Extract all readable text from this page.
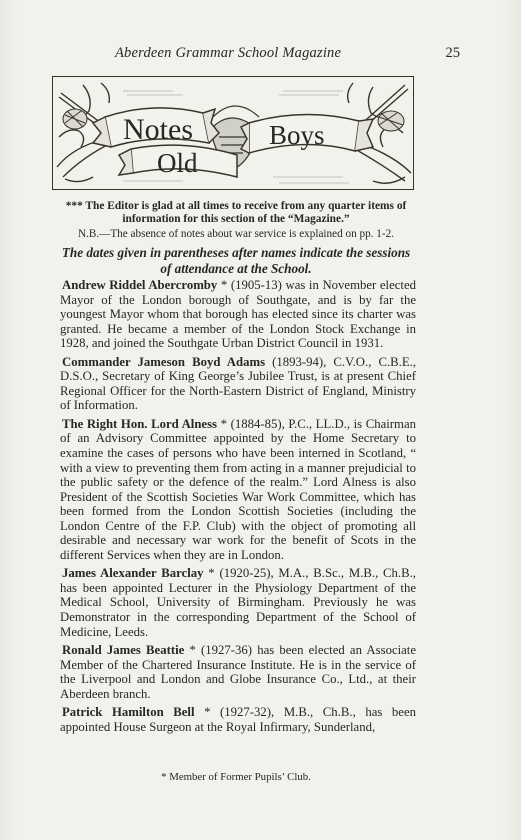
Aberdeen Grammar School Magazine	25
Notes
Old
Boys
*** The Editor is glad at all times to receive from any quarter items of information for this section of the “Magazine.”
N.B.—The absence of notes about war service is explained on pp. 1-2.
The dates given in parentheses after names indicate the sessions of attendance at the School.

Andrew Riddel Abercromby * (1905-13) was in November elected Mayor of the London borough of Southgate, and is by far the youngest Mayor whom that borough has elected since its charter was granted. He became a member of the London Stock Exchange in 1928, and joined the Southgate Urban District Council in 1931.

Commander Jameson Boyd Adams (1893-94), C.V.O., C.B.E., D.S.O., Secretary of King George’s Jubilee Trust, is at present Chief Regional Officer for the North-Eastern District of England, Ministry of Information.

The Right Hon. Lord Alness * (1884-85), P.C., LL.D., is Chairman of an Advisory Committee appointed by the Home Secretary to examine the cases of persons who have been interned in Scotland, “ with a view to preventing them from acting in a manner prejudicial to the public safety or the defence of the realm.” Lord Alness is also President of the Scottish Societies War Work Committee, which has been formed from the London Scottish Societies (including the London Centre of the F.P. Club) with the object of promoting all desirable and necessary war work for the benefit of Scots in the different Services when they are in London.

James Alexander Barclay * (1920-25), M.A., B.Sc., M.B., Ch.B., has been appointed Lecturer in the Physiology Department of the Medical School, University of Birmingham. Previously he was Demonstrator in the corresponding Department of the School of Medicine, Leeds.

Ronald James Beattie * (1927-36) has been elected an Associate Member of the Chartered Insurance Institute. He is in the service of the Liverpool and London and Globe Insurance Co., Ltd., at their Aberdeen branch.

Patrick Hamilton Bell * (1927-32), M.B., Ch.B., has been appointed House Surgeon at the Royal Infirmary, Sunderland,

* Member of Former Pupils’ Club.
